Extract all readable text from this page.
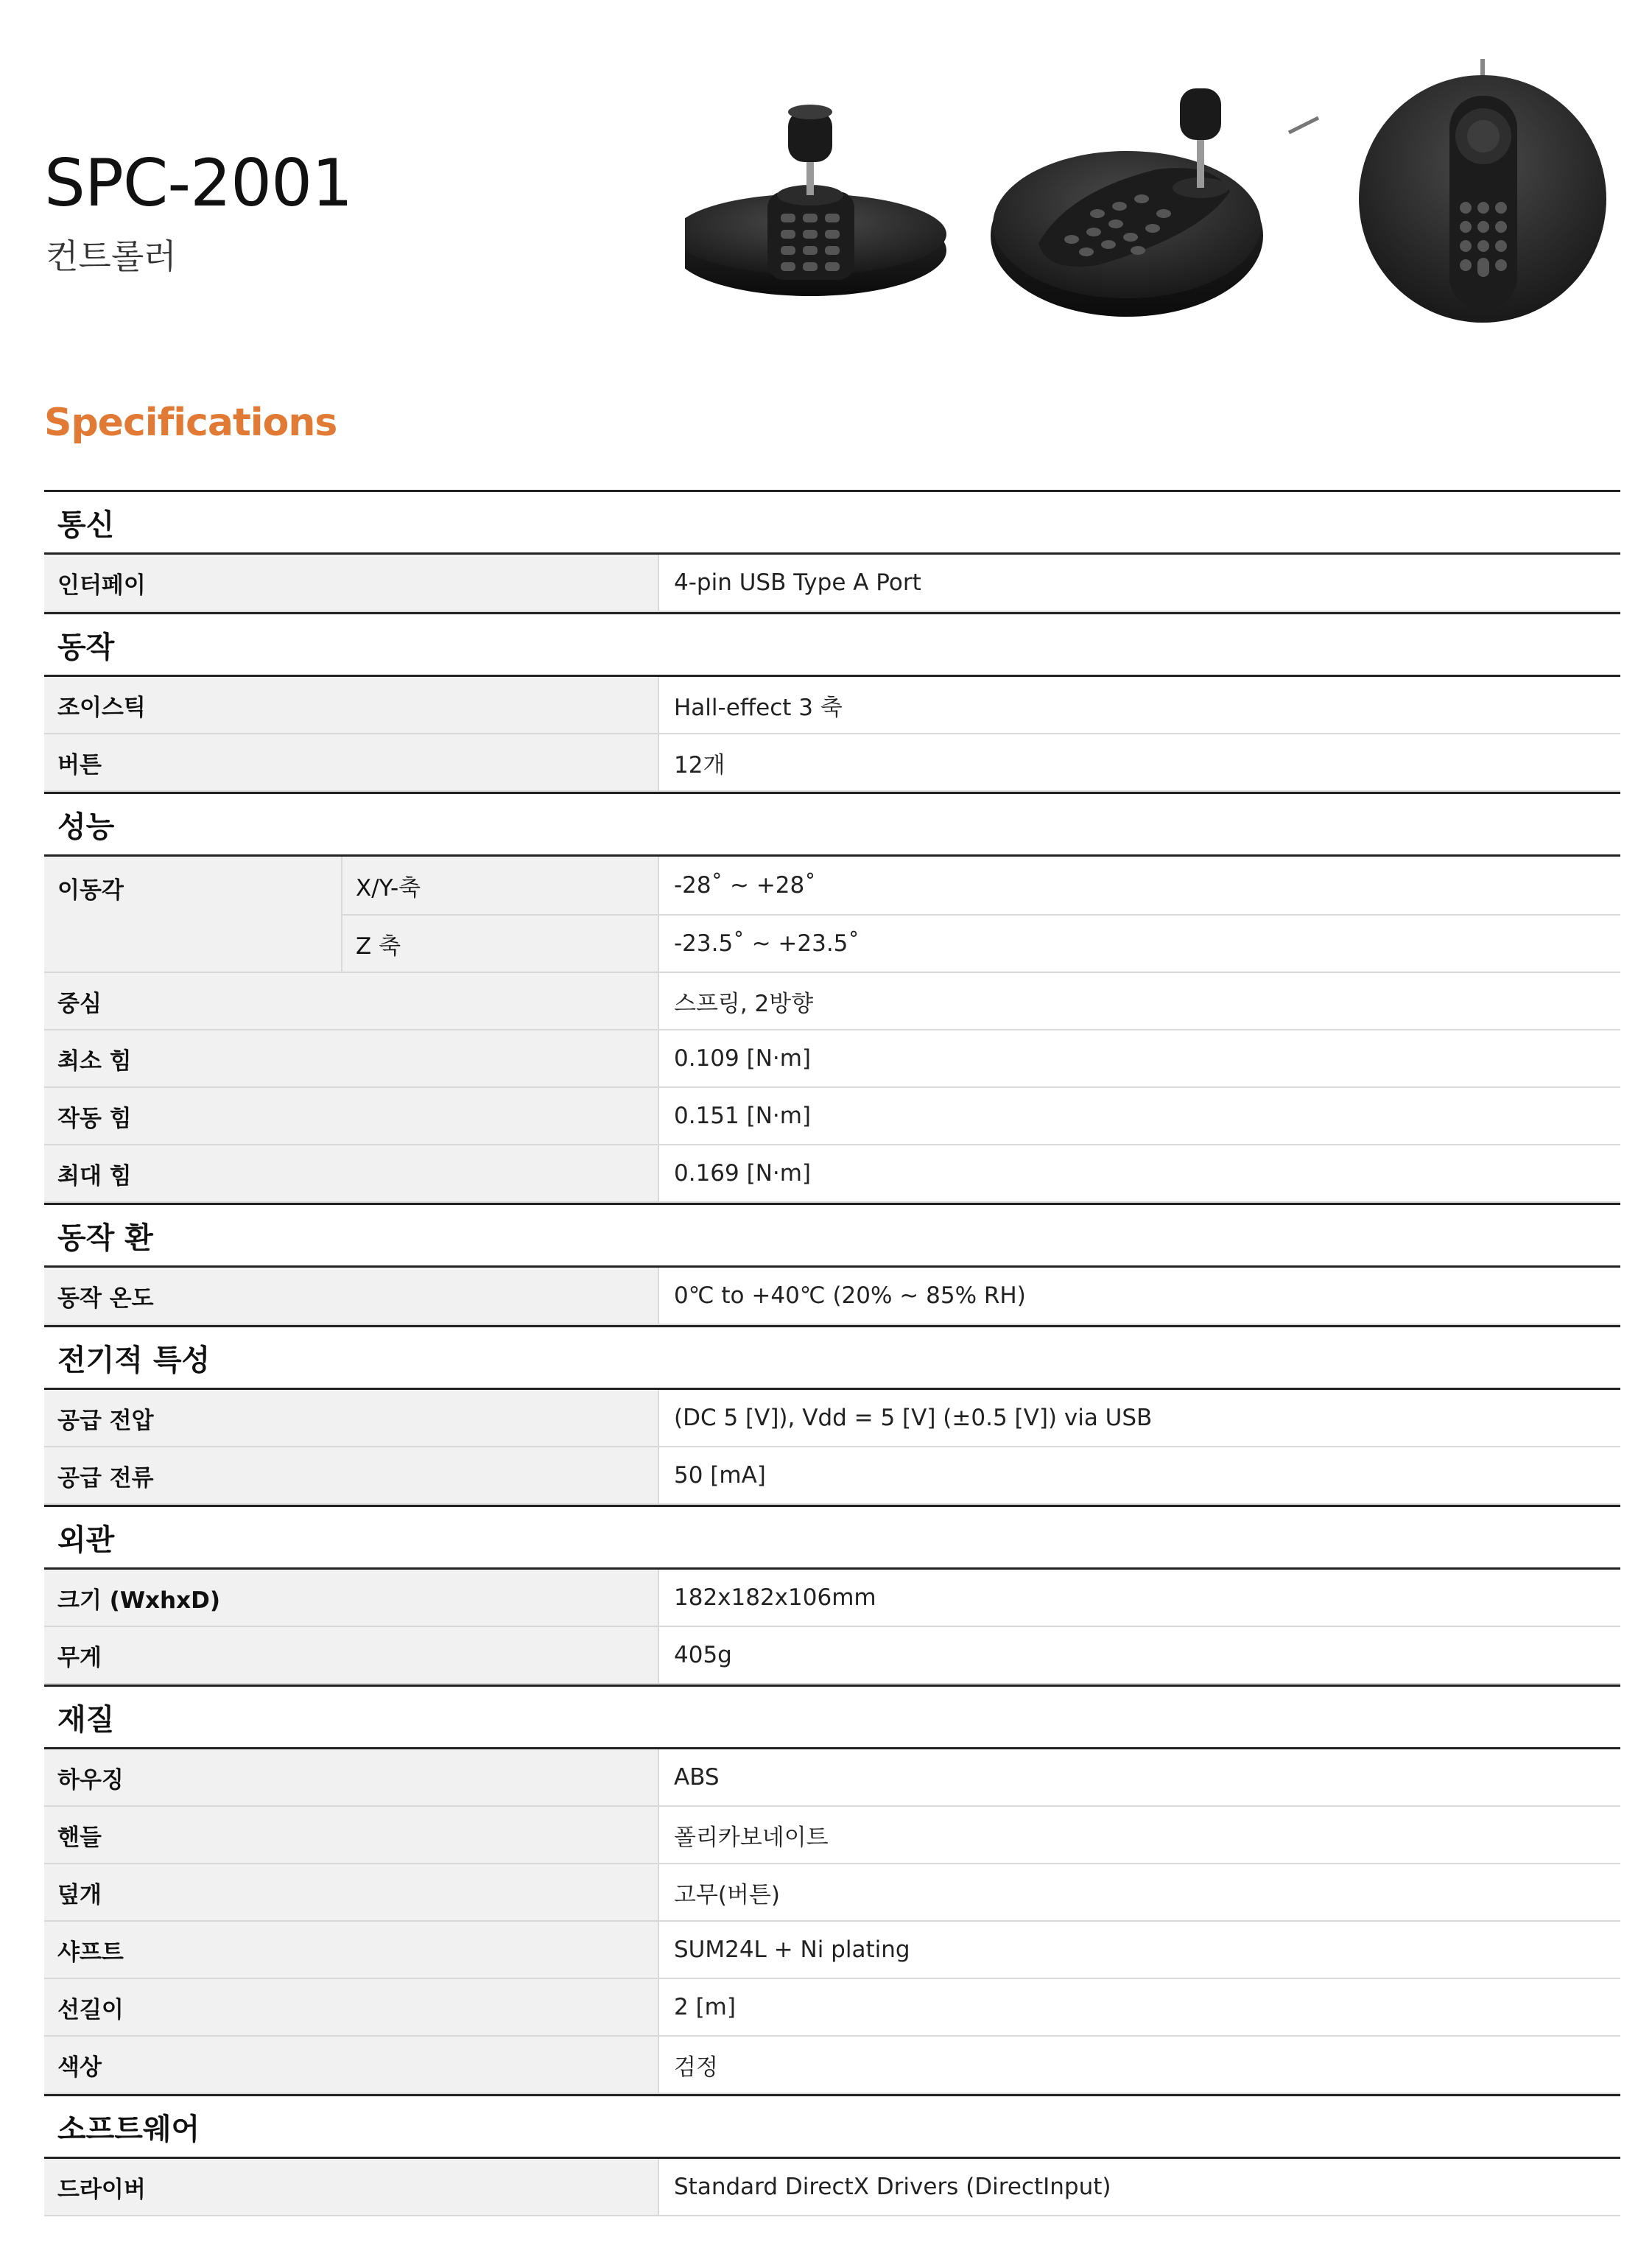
SPC-2001
컨트롤러
Specifications
통신
인터페이	4-pin USB Type A Port
동작
조이스틱	Hall-effect 3 축
버튼	12개
성능
이동각	X/Y-축	-28˚ ~ +28˚
Z 축	-23.5˚ ~ +23.5˚
중심	스프링, 2방향
최소 힘	0.109 [N·m]
작동 힘	0.151 [N·m]
최대 힘	0.169 [N·m]
동작 환
동작 온도	0℃ to +40℃ (20% ~ 85% RH)
전기적 특성
공급 전압	(DC 5 [V]), Vdd = 5 [V] (±0.5 [V]) via USB
공급 전류	50 [mA]
외관
크기 (WxhxD)	182x182x106mm
무게	405g
재질
하우징	ABS
핸들	폴리카보네이트
덮개	고무(버튼)
샤프트	SUM24L + Ni plating
선길이	2 [m]
색상	검정
소프트웨어
드라이버	Standard DirectX Drivers (DirectInput)
